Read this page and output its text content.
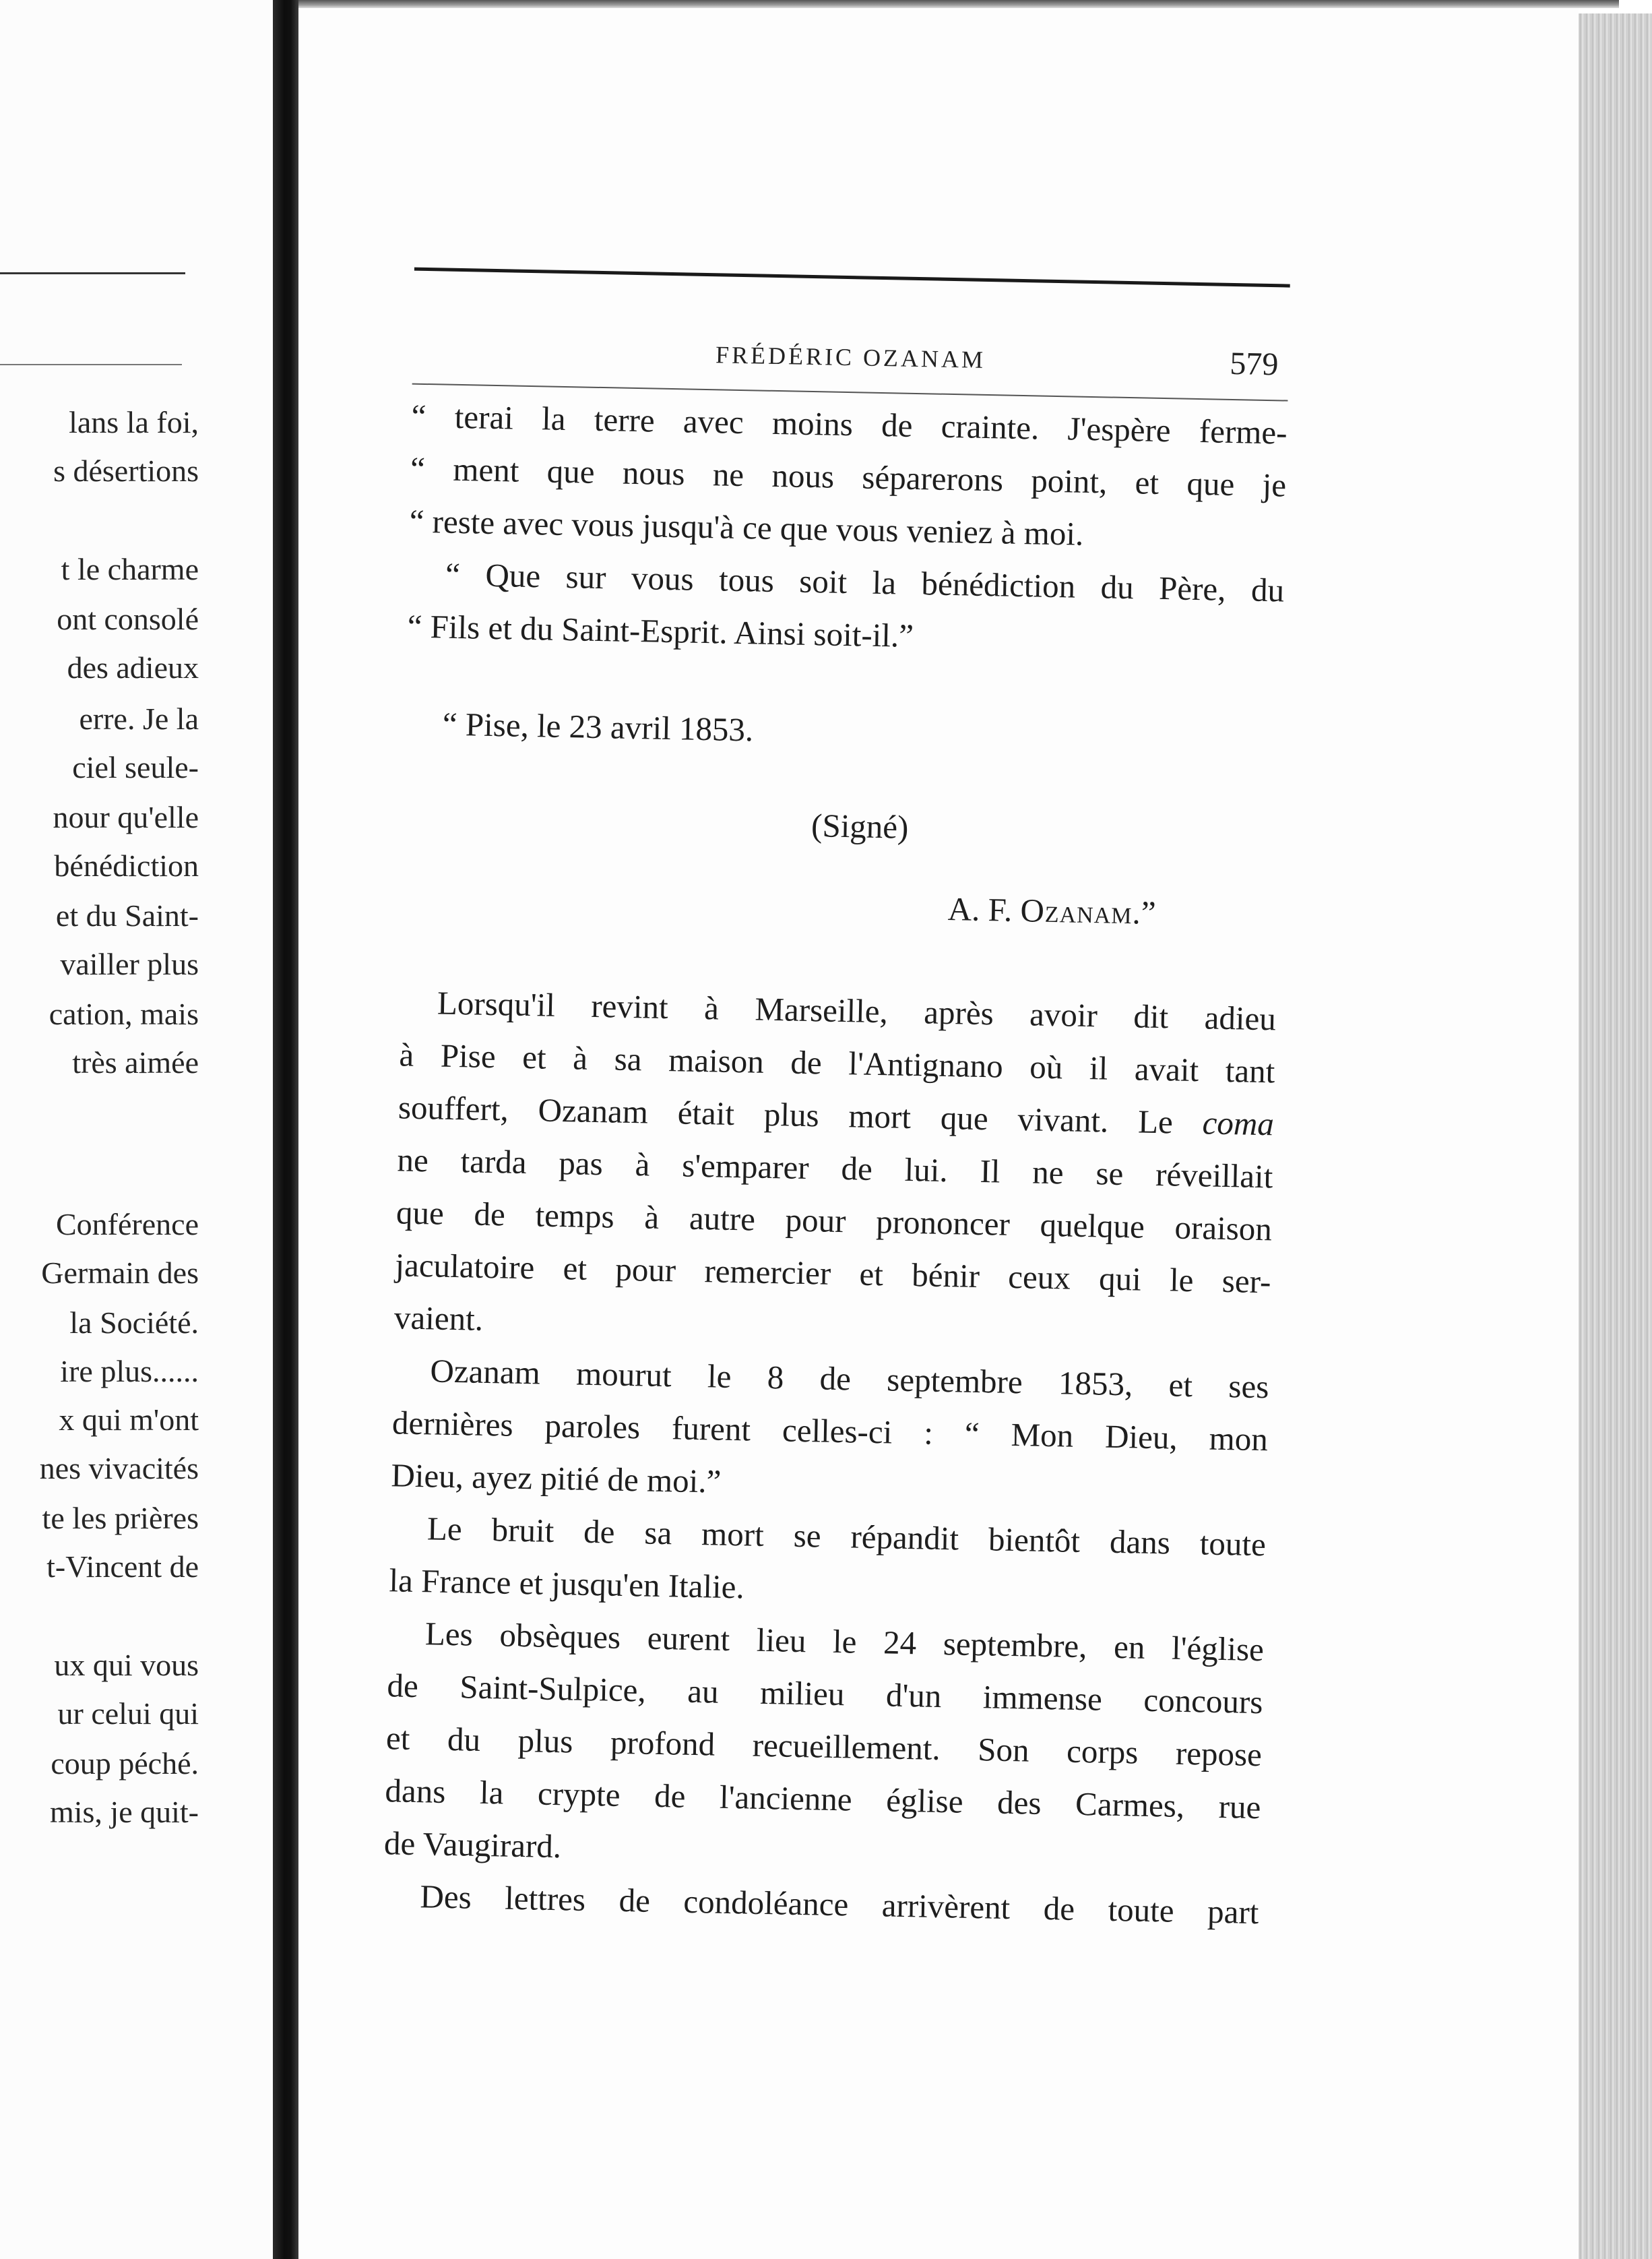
lans la foi,
s désertions
t le charme
ont consolé
des adieux
erre. Je la
ciel seule-
nour qu'elle
bénédiction
et du Saint-
vailler plus
cation, mais
très aimée
Conférence
Germain des
la Société.
ire plus......
x qui m'ont
nes vivacités
te les prières
t-Vincent de
ux qui vous
ur celui qui
coup péché.
mis, je quit-
FRÉDÉRIC OZANAM	579
“ terai la terre avec moins de crainte. J'espère ferme-
“ ment que nous ne nous séparerons point, et que je
“ reste avec vous jusqu'à ce que vous veniez à moi.
“ Que sur vous tous soit la bénédiction du Père, du
“ Fils et du Saint-Esprit. Ainsi soit-il.”
“ Pise, le 23 avril 1853.
(Signé)
A. F. Ozanam.”
Lorsqu'il revint à Marseille, après avoir dit adieu
à Pise et à sa maison de l'Antignano où il avait tant
souffert, Ozanam était plus mort que vivant. Le coma
ne tarda pas à s'emparer de lui. Il ne se réveillait
que de temps à autre pour prononcer quelque oraison
jaculatoire et pour remercier et bénir ceux qui le ser-
vaient.
Ozanam mourut le 8 de septembre 1853, et ses
dernières paroles furent celles-ci : “ Mon Dieu, mon
Dieu, ayez pitié de moi.”
Le bruit de sa mort se répandit bientôt dans toute
la France et jusqu'en Italie.
Les obsèques eurent lieu le 24 septembre, en l'église
de Saint-Sulpice, au milieu d'un immense concours
et du plus profond recueillement. Son corps repose
dans la crypte de l'ancienne église des Carmes, rue
de Vaugirard.
Des lettres de condoléance arrivèrent de toute part
